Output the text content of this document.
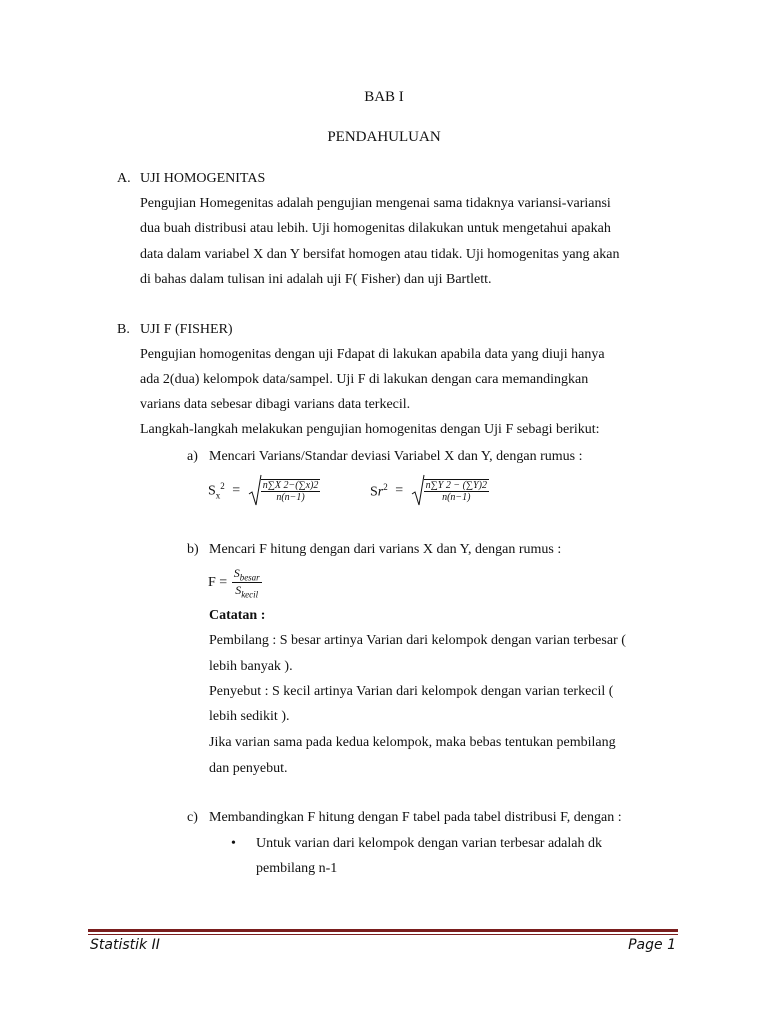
BAB I
PENDAHULUAN
A. UJI HOMOGENITAS
Pengujian Homegenitas adalah pengujian mengenai sama tidaknya variansi-variansi
dua buah distribusi atau lebih. Uji homogenitas dilakukan untuk mengetahui apakah
data dalam variabel X dan Y bersifat homogen atau tidak. Uji homogenitas yang akan
di bahas dalam tulisan ini adalah uji F( Fisher) dan uji Bartlett.
B. UJI F (FISHER)
Pengujian homogenitas dengan uji Fdapat di lakukan apabila data yang diuji hanya
ada 2(dua) kelompok data/sampel. Uji F di lakukan dengan cara memandingkan
varians data sebesar dibagi varians data terkecil.
Langkah-langkah melakukan pengujian homogenitas dengan Uji F sebagi berikut:
a) Mencari Varians/Standar deviasi Variabel X dan Y, dengan rumus :
$S_x^2 = \frac{n\sum X 2-(\sum x)2}{n(n-1)}$	$Sr^2 = \frac{n\sum Y 2 - (\sum Y)2}{n(n-1)}$
b) Mencari F hitung dengan dari varians X dan Y, dengan rumus :
$F = \frac{S_{besar}}{S_{kecil}}$
Catatan :
Pembilang : S besar artinya Varian dari kelompok dengan varian terbesar (
lebih banyak ).
Penyebut : S kecil artinya Varian dari kelompok dengan varian terkecil (
lebih sedikit ).
Jika varian sama pada kedua kelompok, maka bebas tentukan pembilang
dan penyebut.
c) Membandingkan F hitung dengan F tabel pada tabel distribusi F, dengan :
• Untuk varian dari kelompok dengan varian terbesar adalah dk
pembilang n-1
Statistik II	Page 1
